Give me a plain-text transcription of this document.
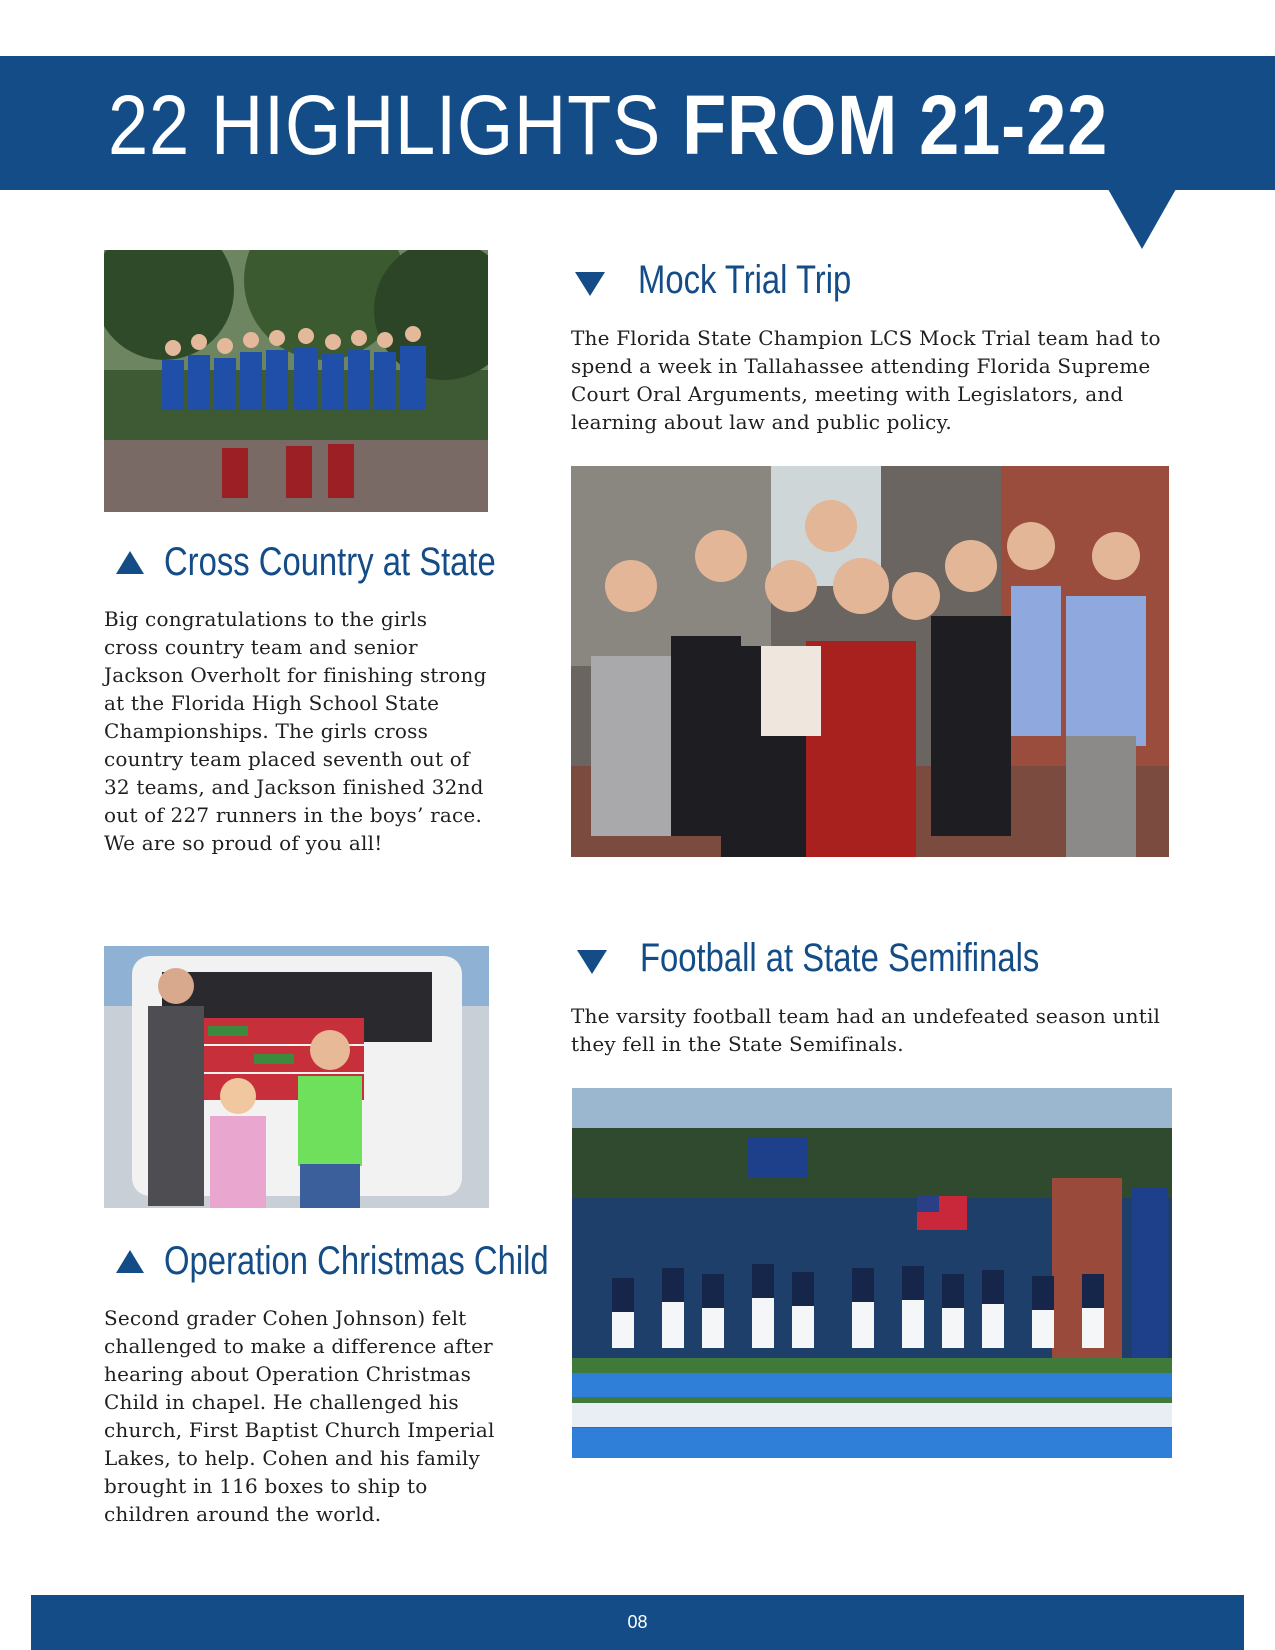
22 HIGHLIGHTS FROM 21-22
Cross Country at State

Big congratulations to the girls cross country team and senior Jackson Overholt for finishing strong at the Florida High School State Championships. The girls cross country team placed seventh out of 32 teams, and Jackson finished 32nd out of 227 runners in the boys’ race. We are so proud of you all!

Operation Christmas Child

Second grader Cohen Johnson) felt challenged to make a difference after hearing about Operation Christmas Child in chapel. He challenged his church, First Baptist Church Imperial Lakes, to help. Cohen and his family brought in 116 boxes to ship to children around the world.

Mock Trial Trip

The Florida State Champion LCS Mock Trial team had to spend a week in Tallahassee attending Florida Supreme Court Oral Arguments, meeting with Legislators, and learning about law and public policy.

Football at State Semifinals

The varsity football team had an undefeated season until they fell in the State Semifinals.

08
